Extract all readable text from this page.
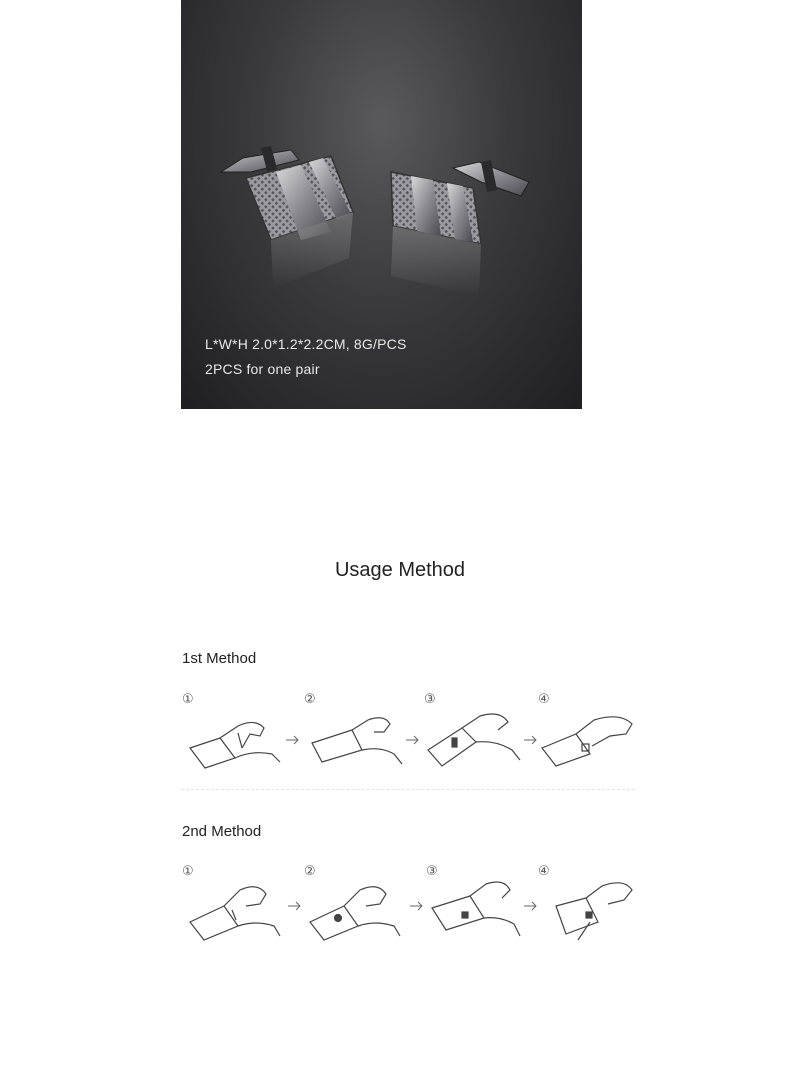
L*W*H 2.0*1.2*2.2CM, 8G/PCS
2PCS for one pair
Usage Method
1st Method
①	②	③	④
2nd Method
①	②	③	④
